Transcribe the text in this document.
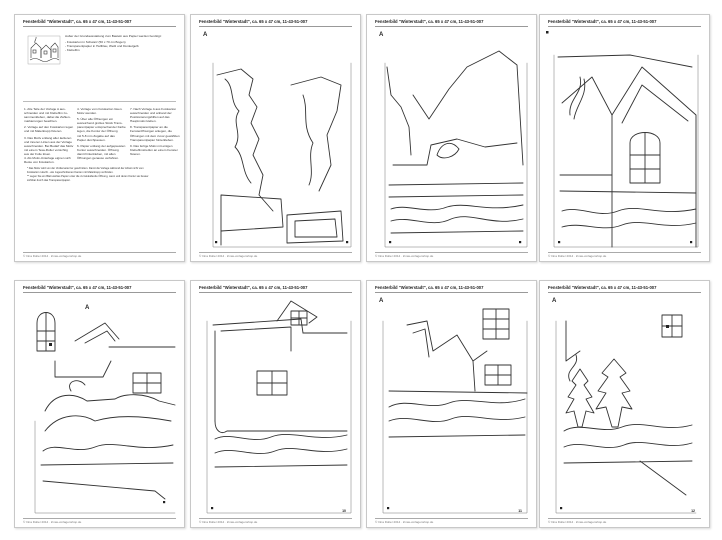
Fensterbild "Winterstadt", ca. 65 x 47 cm, 11-43-51-007
Außer der Grundausstattung zum Basteln aus Papier werden benötigt:
- Fotokarton in Schwarz (50 x 70 cm Bogen)
- Transparentpapier in Hellblau, Weiß und Dunkelgelb
- Klebefilm
1. Alle Teile der Vorlage A aus-
schneiden und mit Klebefilm zu-
sammenkleben, dabei die Zahlen-
markierungen beachten.
2. Vorlage auf den Fotokarton legen
und mit Malerkrepp fixieren.
3. Das Motiv entlang aller äußeren
und inneren Linien aus der Vorlage
ausschneiden. Bei Bedarf das Motiv
mit einem Tesa-Roller vorsichtig
aus der Folie lösen.
4. Als Motiv-Unterlage eignen sich
Reste von Fotokarton.
4. Vorlage vom Fotokarton lösen.
Motiv wenden.
5. Über alle Öffnungen ein
ausreichend großes Stück Trans-
parentpapier entsprechender Farbe
legen, die Kontur der Öffnung
mit 5-8 mm Zugabe auf das
Papier durchpausen.
6. Papier entlang der aufgepausten
Kontur ausschneiden. Öffnung
damit hinterkleben, mit allen
Öffnungen genauso verfahren.
7. Nach Vorlage A aus Fotokarton
ausschneiden und anhand der
Positionierungshilfen auf das
Hauptmotiv kleben.
8. Transparentpapier an die
Fensteröffnungen anlegen, die
Öffnungen mit dem zuvor gewählten
Transparentpapier hinterkleben.
9. Das fertige Motiv mit einigen
Klebefilmstreifen an einem Fenster
fixieren.
* Das Motiv wird von der Vorderseite her geschnitten. Damit die Vorlage während der Arbeit nicht vom
Fotokarton rutscht - wie zugeschnittenen Kanten mit Malerkrepp verbinden.
** Legen Sie ein Blatt weißes Papier unter die zu bekleidende Öffnung, wenn und deren Kontur sie besser
sichtbar durch das Transparentpapier.
© Irina Dolter 2014 · irinas-vorlagenshop.de
Fensterbild "Winterstadt", ca. 65 x 47 cm, 11-43-51-007
A
© Irina Dolter 2014 · irinas-vorlagenshop.de
Fensterbild "Winterstadt", ca. 65 x 47 cm, 11-43-51-007
A
© Irina Dolter 2014 · irinas-vorlagenshop.de
Fensterbild "Winterstadt", ca. 65 x 47 cm, 11-43-51-007
© Irina Dolter 2014 · irinas-vorlagenshop.de
Fensterbild "Winterstadt", ca. 65 x 47 cm, 11-43-51-007
A
© Irina Dolter 2014 · irinas-vorlagenshop.de
Fensterbild "Winterstadt", ca. 65 x 47 cm, 11-43-51-007
10
© Irina Dolter 2014 · irinas-vorlagenshop.de
Fensterbild "Winterstadt", ca. 65 x 47 cm, 11-43-51-007
A
11
© Irina Dolter 2014 · irinas-vorlagenshop.de
Fensterbild "Winterstadt", ca. 65 x 47 cm, 11-43-51-007
A
12
© Irina Dolter 2014 · irinas-vorlagenshop.de
